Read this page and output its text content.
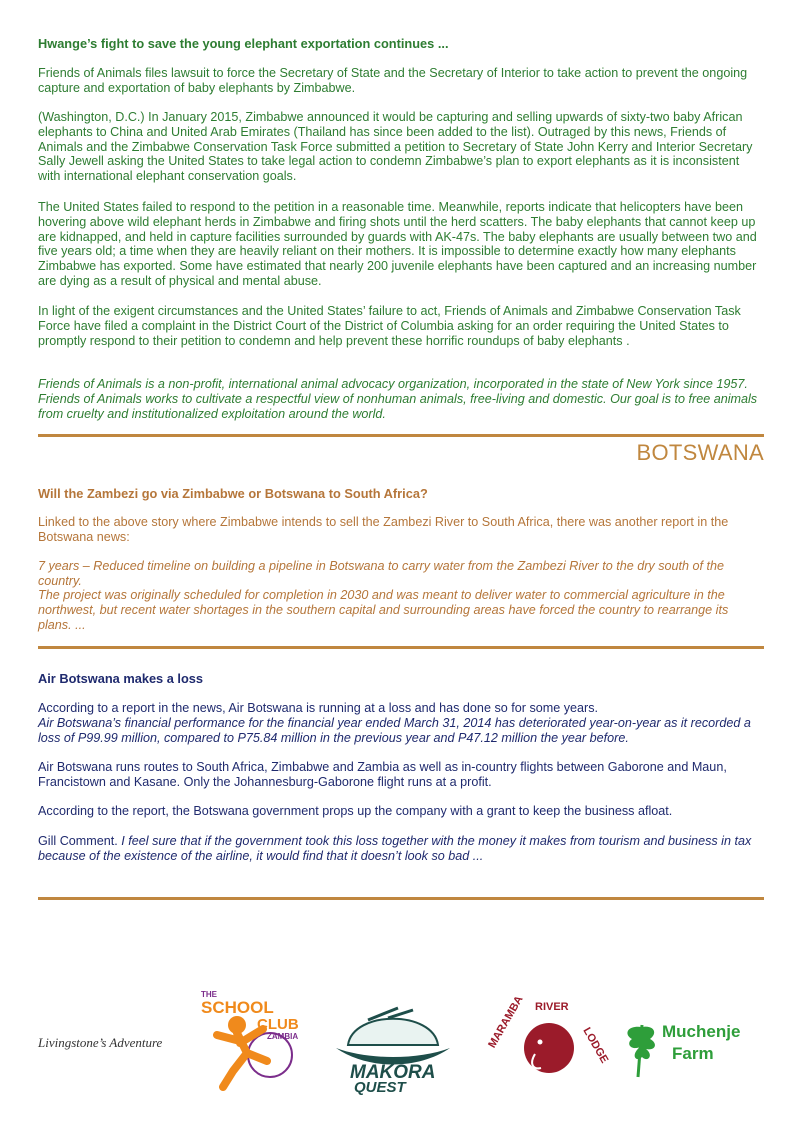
Hwange’s fight to save the young elephant exportation continues ...

Friends of Animals files lawsuit to force the Secretary of State and the Secretary of Interior to take action to prevent the ongoing capture and exportation of baby elephants by Zimbabwe.

(Washington, D.C.) In January 2015, Zimbabwe announced it would be capturing and selling upwards of sixty-two baby African elephants to China and United Arab Emirates (Thailand has since been added to the list). Outraged by this news, Friends of Animals and the Zimbabwe Conservation Task Force submitted a petition to Secretary of State John Kerry and Interior Secretary Sally Jewell asking the United States to take legal action to condemn Zimbabwe’s plan to export elephants as it is inconsistent with international elephant conservation goals.

The United States failed to respond to the petition in a reasonable time. Meanwhile, reports indicate that helicopters have been hovering above wild elephant herds in Zimbabwe and firing shots until the herd scatters. The baby elephants that cannot keep up are kidnapped, and held in capture facilities surrounded by guards with AK-47s. The baby elephants are usually between two and five years old; a time when they are heavily reliant on their mothers. It is impossible to determine exactly how many elephants Zimbabwe has exported. Some have estimated that nearly 200 juvenile elephants have been captured and an increasing number are dying as a result of physical and mental abuse.

In light of the exigent circumstances and the United States’ failure to act, Friends of Animals and Zimbabwe Conservation Task Force have filed a complaint in the District Court of the District of Columbia asking for an order requiring the United States to promptly respond to their petition to condemn and help prevent these horrific roundups of baby elephants .

Friends of Animals is a non-profit, international animal advocacy organization, incorporated in the state of New York since 1957. Friends of Animals works to cultivate a respectful view of nonhuman animals, free-living and domestic. Our goal is to free animals from cruelty and institutionalized exploitation around the world.

BOTSWANA

Will the Zambezi go via Zimbabwe or Botswana to South Africa?

Linked to the above story where Zimbabwe intends to sell the Zambezi River to South Africa, there was another report in the Botswana news:

7 years – Reduced timeline on building a pipeline in Botswana to carry water from the Zambezi River to the dry south of the country.

The project was originally scheduled for completion in 2030 and was meant to deliver water to commercial agriculture in the northwest, but recent water shortages in the southern capital and surrounding areas have forced the country to rearrange its plans. ...

Air Botswana makes a loss

According to a report in the news, Air Botswana is running at a loss and has done so for some years.

Air Botswana’s financial performance for the financial year ended March 31, 2014 has deteriorated year-on-year as it recorded a loss of P99.99 million, compared to P75.84 million in the previous year and P47.12 million the year before.

Air Botswana runs routes to South Africa, Zimbabwe and Zambia as well as in-country flights between Gaborone and Maun, Francistown and Kasane. Only the Johannesburg-Gaborone flight runs at a profit.

According to the report, the Botswana government props up the company with a grant to keep the business afloat.

Gill Comment. I feel sure that if the government took this loss together with the money it makes from tourism and business in tax because of the existence of the airline, it would find that it doesn’t look so bad ...

Livingstone’s Adventure
THE
SCHOOL
CLUB
ZAMBIA
MAKORA
QUEST
MARAMBA RIVER
LODGE	Muchenje
Farm
